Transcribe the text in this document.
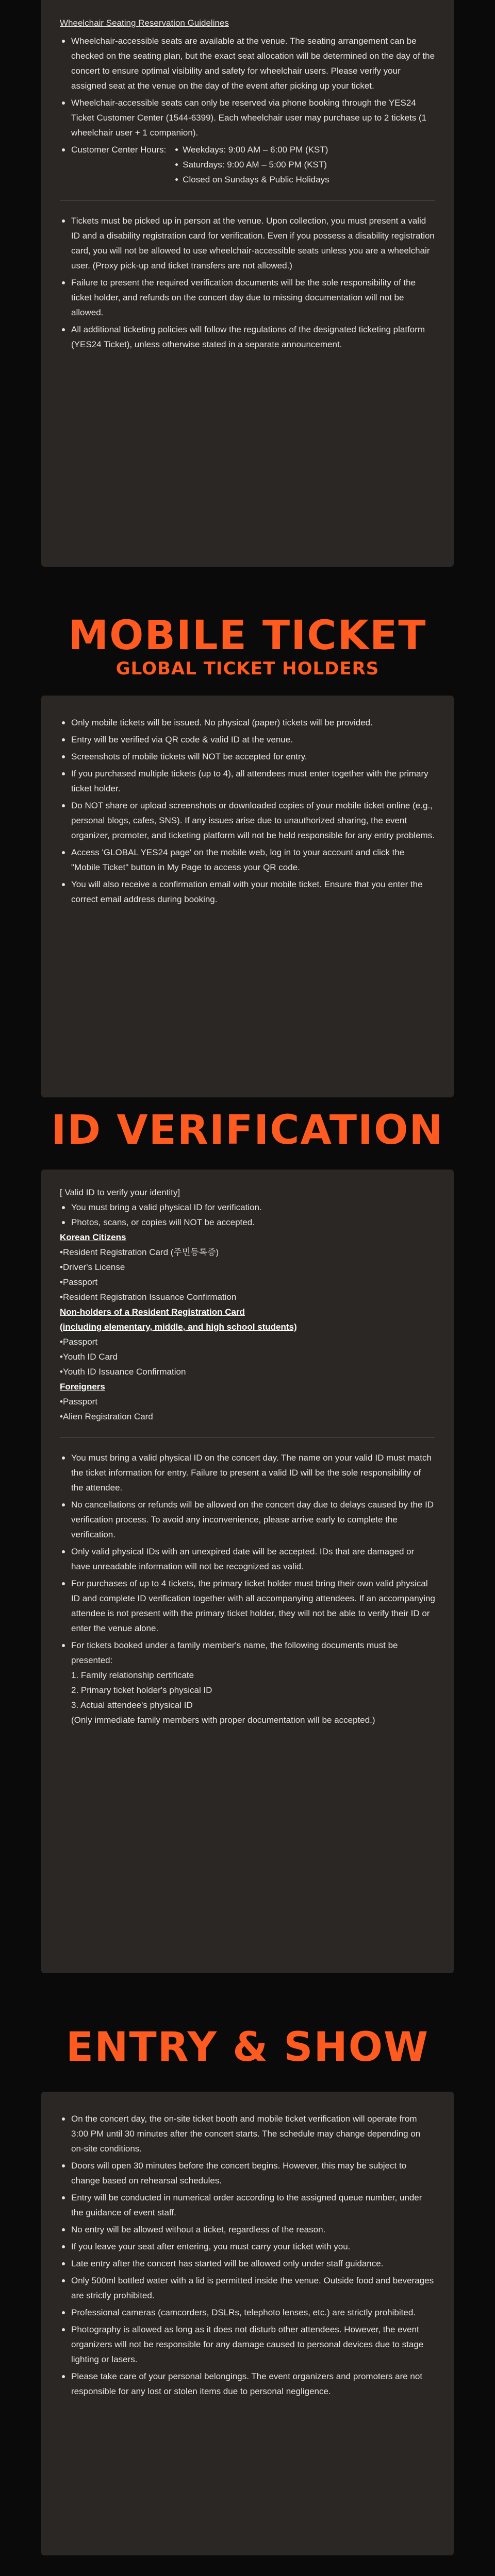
Wheelchair Seating Reservation Guidelines
Wheelchair-accessible seats are available at the venue. The seating arrangement can be checked on the seating plan, but the exact seat allocation will be determined on the day of the concert to ensure optimal visibility and safety for wheelchair users. Please verify your assigned seat at the venue on the day of the event after picking up your ticket.
Wheelchair-accessible seats can only be reserved via phone booking through the YES24 Ticket Customer Center (1544-6399). Each wheelchair user may purchase up to 2 tickets (1 wheelchair user + 1 companion).
Customer Center Hours:	Weekdays: 9:00 AM – 6:00 PM (KST)
Saturdays: 9:00 AM – 5:00 PM (KST)
Closed on Sundays & Public Holidays
Tickets must be picked up in person at the venue. Upon collection, you must present a valid ID and a disability registration card for verification. Even if you possess a disability registration card, you will not be allowed to use wheelchair-accessible seats unless you are a wheelchair user. (Proxy pick-up and ticket transfers are not allowed.)
Failure to present the required verification documents will be the sole responsibility of the ticket holder, and refunds on the concert day due to missing documentation will not be allowed.
All additional ticketing policies will follow the regulations of the designated ticketing platform (YES24 Ticket), unless otherwise stated in a separate announcement.
MOBILE TICKET
GLOBAL TICKET HOLDERS
Only mobile tickets will be issued. No physical (paper) tickets will be provided.
Entry will be verified via QR code & valid ID at the venue.
Screenshots of mobile tickets will NOT be accepted for entry.
If you purchased multiple tickets (up to 4), all attendees must enter together with the primary ticket holder.
Do NOT share or upload screenshots or downloaded copies of your mobile ticket online (e.g., personal blogs, cafes, SNS). If any issues arise due to unauthorized sharing, the event organizer, promoter, and ticketing platform will not be held responsible for any entry problems.
Access 'GLOBAL YES24 page' on the mobile web, log in to your account and click the "Mobile Ticket" button in My Page to access your QR code.
You will also receive a confirmation email with your mobile ticket. Ensure that you enter the correct email address during booking.
ID VERIFICATION
[ Valid ID to verify your identity]
You must bring a valid physical ID for verification.
Photos, scans, or copies will NOT be accepted.
Korean Citizens
•Resident Registration Card (주민등록증)
•Driver's License
•Passport
•Resident Registration Issuance Confirmation
Non-holders of a Resident Registration Card
(including elementary, middle, and high school students)
•Passport
•Youth ID Card
•Youth ID Issuance Confirmation
Foreigners
•Passport
•Alien Registration Card
You must bring a valid physical ID on the concert day. The name on your valid ID must match the ticket information for entry. Failure to present a valid ID will be the sole responsibility of the attendee.
No cancellations or refunds will be allowed on the concert day due to delays caused by the ID verification process. To avoid any inconvenience, please arrive early to complete the verification.
Only valid physical IDs with an unexpired date will be accepted. IDs that are damaged or have unreadable information will not be recognized as valid.
For purchases of up to 4 tickets, the primary ticket holder must bring their own valid physical ID and complete ID verification together with all accompanying attendees. If an accompanying attendee is not present with the primary ticket holder, they will not be able to verify their ID or enter the venue alone.
For tickets booked under a family member's name, the following documents must be presented:
1. Family relationship certificate
2. Primary ticket holder's physical ID
3. Actual attendee's physical ID
(Only immediate family members with proper documentation will be accepted.)
ENTRY & SHOW
On the concert day, the on-site ticket booth and mobile ticket verification will operate from 3:00 PM until 30 minutes after the concert starts. The schedule may change depending on on-site conditions.
Doors will open 30 minutes before the concert begins. However, this may be subject to change based on rehearsal schedules.
Entry will be conducted in numerical order according to the assigned queue number, under the guidance of event staff.
No entry will be allowed without a ticket, regardless of the reason.
If you leave your seat after entering, you must carry your ticket with you.
Late entry after the concert has started will be allowed only under staff guidance.
Only 500ml bottled water with a lid is permitted inside the venue. Outside food and beverages are strictly prohibited.
Professional cameras (camcorders, DSLRs, telephoto lenses, etc.) are strictly prohibited.
Photography is allowed as long as it does not disturb other attendees. However, the event organizers will not be responsible for any damage caused to personal devices due to stage lighting or lasers.
Please take care of your personal belongings. The event organizers and promoters are not responsible for any lost or stolen items due to personal negligence.
